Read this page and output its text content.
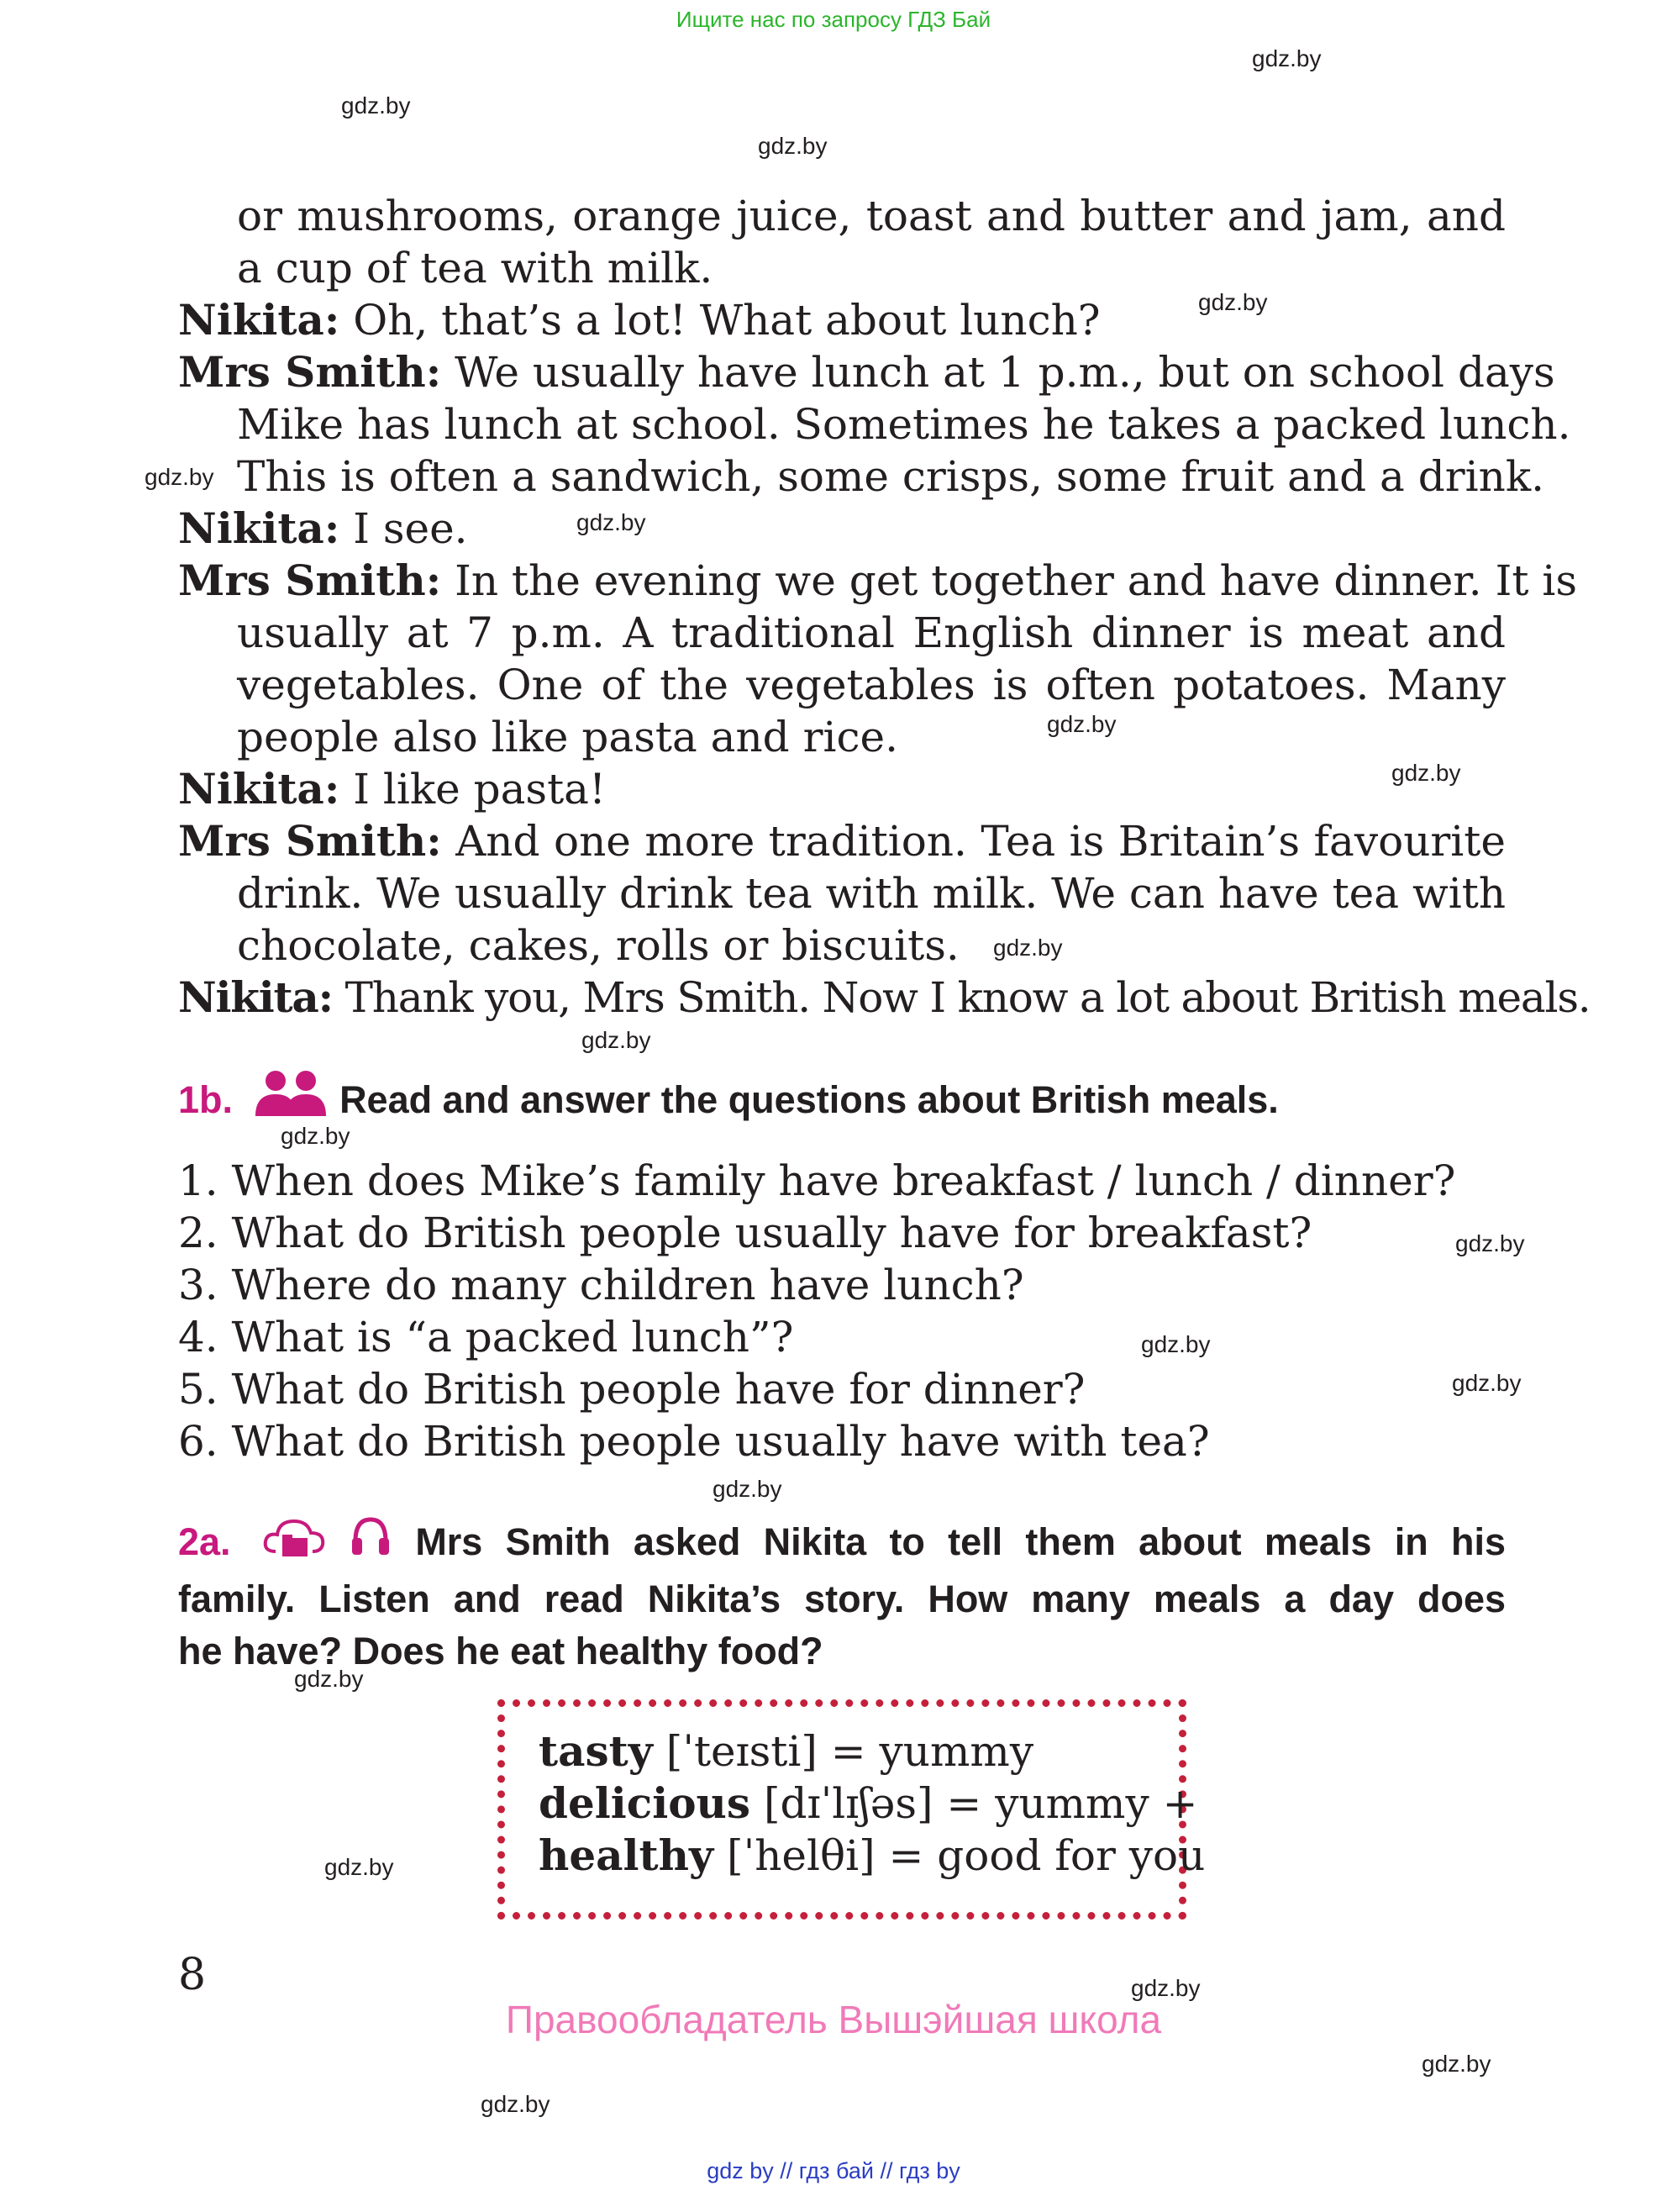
Ищите нас по запросу ГДЗ Бай
gdz.by
gdz.by
gdz.by
gdz.by
gdz.by
gdz.by
gdz.by
gdz.by
gdz.by
gdz.by
gdz.by
gdz.by
gdz.by
gdz.by
gdz.by
gdz.by
gdz.by
gdz.by
gdz.by
gdz.by
or mushrooms, orange juice, toast and butter and jam, and
a cup of tea with milk.
Nikita: Oh, that’s a lot! What about lunch?
Mrs Smith: We usually have lunch at 1 p.m., but on school days
Mike has lunch at school. Sometimes he takes a packed lunch.
This is often a sandwich, some crisps, some fruit and a drink.
Nikita: I see.
Mrs Smith: In the evening we get together and have dinner. It is
usually at 7 p.m. A traditional English dinner is meat and
vegetables. One of the vegetables is often potatoes. Many
people also like pasta and rice.
Nikita: I like pasta!
Mrs Smith: And one more tradition. Tea is Britain’s favourite
drink. We usually drink tea with milk. We can have tea with
chocolate, cakes, rolls or biscuits.
Nikita: Thank you, Mrs Smith. Now I know a lot about British meals.
1b.	Read and answer the questions about British meals.
1. When does Mike’s family have breakfast / lunch / dinner?
2. What do British people usually have for breakfast?
3. Where do many children have lunch?
4. What is “a packed lunch”?
5. What do British people have for dinner?
6. What do British people usually have with tea?
2a.	Mrs Smith asked Nikita to tell them about meals in his
family. Listen and read Nikita’s story. How many meals a day does
he have? Does he eat healthy food?
tasty [ˈteɪsti] = yummy
delicious [dɪˈlɪʃəs] = yummy +
healthy [ˈhelθi] = good for you
8
Правообладатель Вышэйшая школа
gdz by // гдз бай // гдз by
